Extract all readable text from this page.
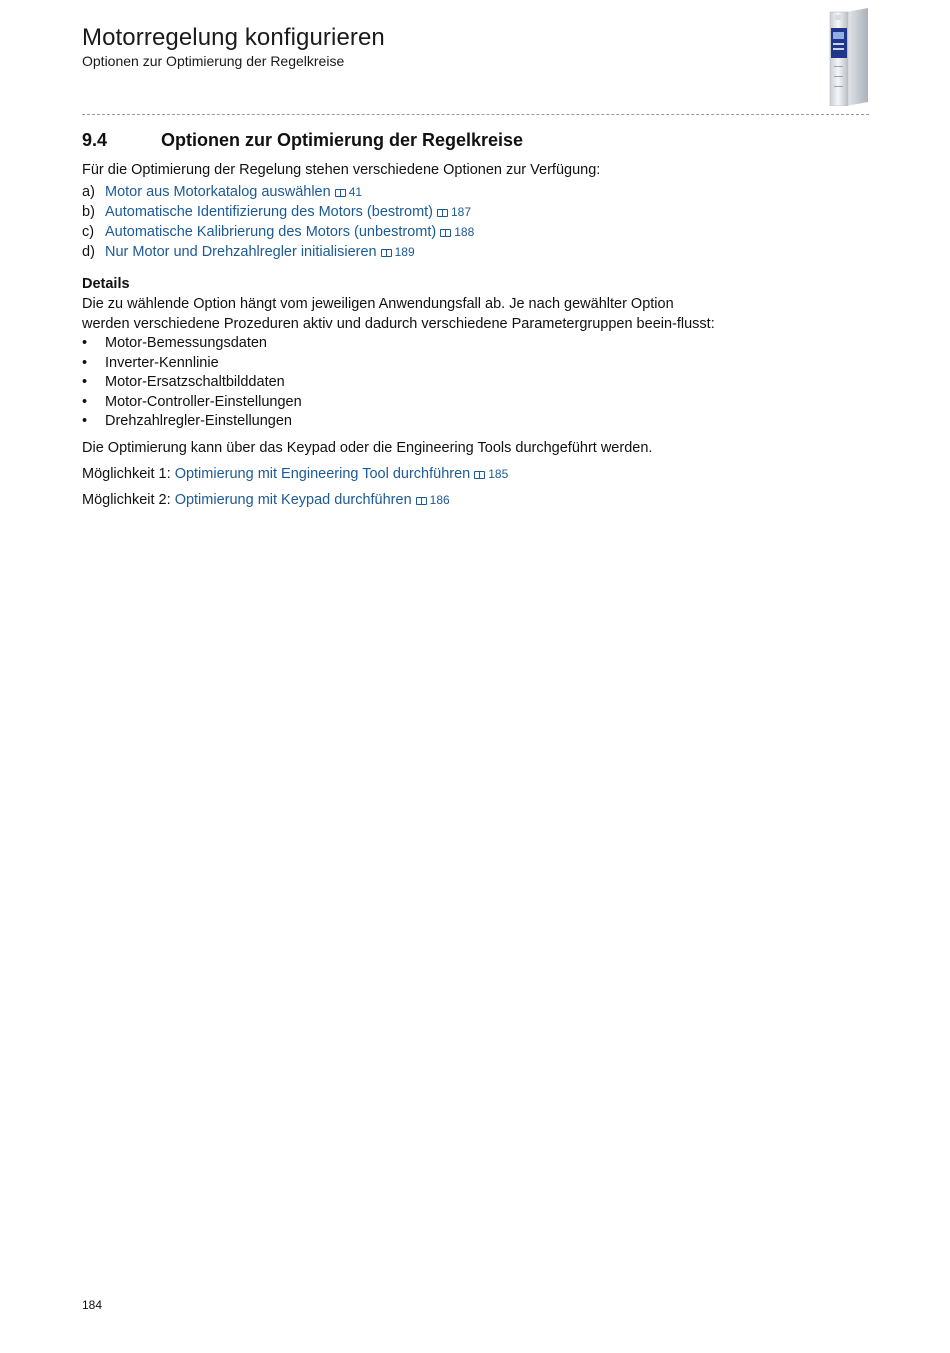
Motorregelung konfigurieren
Optionen zur Optimierung der Regelkreise
9.4	Optionen zur Optimierung der Regelkreise

Für die Optimierung der Regelung stehen verschiedene Optionen zur Verfügung:

a) Motor aus Motorkatalog auswählen 41
b) Automatische Identifizierung des Motors (bestromt) 187
c) Automatische Kalibrierung des Motors (unbestromt) 188
d) Nur Motor und Drehzahlregler initialisieren 189
Details

Die zu wählende Option hängt vom jeweiligen Anwendungsfall ab. Je nach gewählter Option werden verschiedene Prozeduren aktiv und dadurch verschiedene Parametergruppen beein-flusst:

•	Motor-Bemessungsdaten
•	Inverter-Kennlinie
•	Motor-Ersatzschaltbilddaten
•	Motor-Controller-Einstellungen
•	Drehzahlregler-Einstellungen

Die Optimierung kann über das Keypad oder die Engineering Tools durchgeführt werden.

Möglichkeit 1: Optimierung mit Engineering Tool durchführen 185

Möglichkeit 2: Optimierung mit Keypad durchführen 186

184
